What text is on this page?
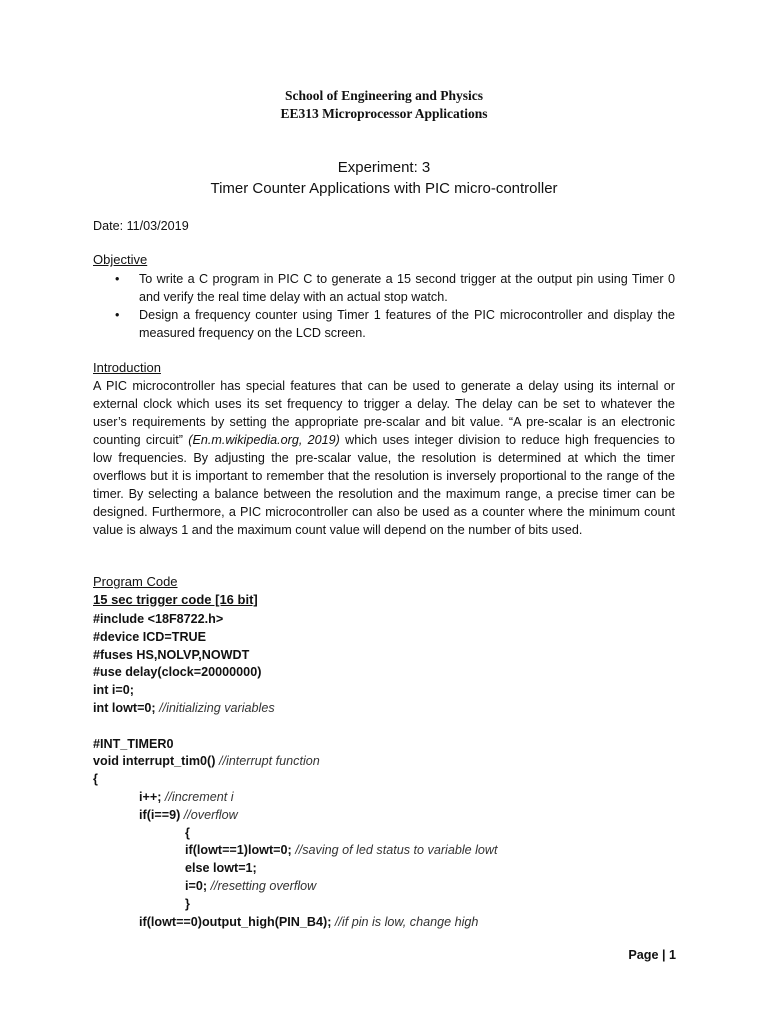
School of Engineering and Physics
EE313 Microprocessor Applications
Experiment: 3
Timer Counter Applications with PIC micro-controller
Date: 11/03/2019
Objective
• To write a C program in PIC C to generate a 15 second trigger at the output pin using Timer 0 and verify the real time delay with an actual stop watch.
• Design a frequency counter using Timer 1 features of the PIC microcontroller and display the measured frequency on the LCD screen.
Introduction
A PIC microcontroller has special features that can be used to generate a delay using its internal or external clock which uses its set frequency to trigger a delay. The delay can be set to whatever the user’s requirements by setting the appropriate pre-scalar and bit value. “A pre-scalar is an electronic counting circuit” (En.m.wikipedia.org, 2019) which uses integer division to reduce high frequencies to low frequencies. By adjusting the pre-scalar value, the resolution is determined at which the timer overflows but it is important to remember that the resolution is inversely proportional to the range of the timer. By selecting a balance between the resolution and the maximum range, a precise timer can be designed. Furthermore, a PIC microcontroller can also be used as a counter where the minimum count value is always 1 and the maximum count value will depend on the number of bits used.
Program Code
15 sec trigger code [16 bit]
#include <18F8722.h>
#device ICD=TRUE
#fuses HS,NOLVP,NOWDT
#use delay(clock=20000000)
int i=0;
int lowt=0; //initializing variables
#INT_TIMER0
void interrupt_tim0() //interrupt function
{
i++; //increment i
if(i==9) //overflow
{
if(lowt==1)lowt=0; //saving of led status to variable lowt
else lowt=1;
i=0; //resetting overflow
}
if(lowt==0)output_high(PIN_B4); //if pin is low, change high
Page | 1
